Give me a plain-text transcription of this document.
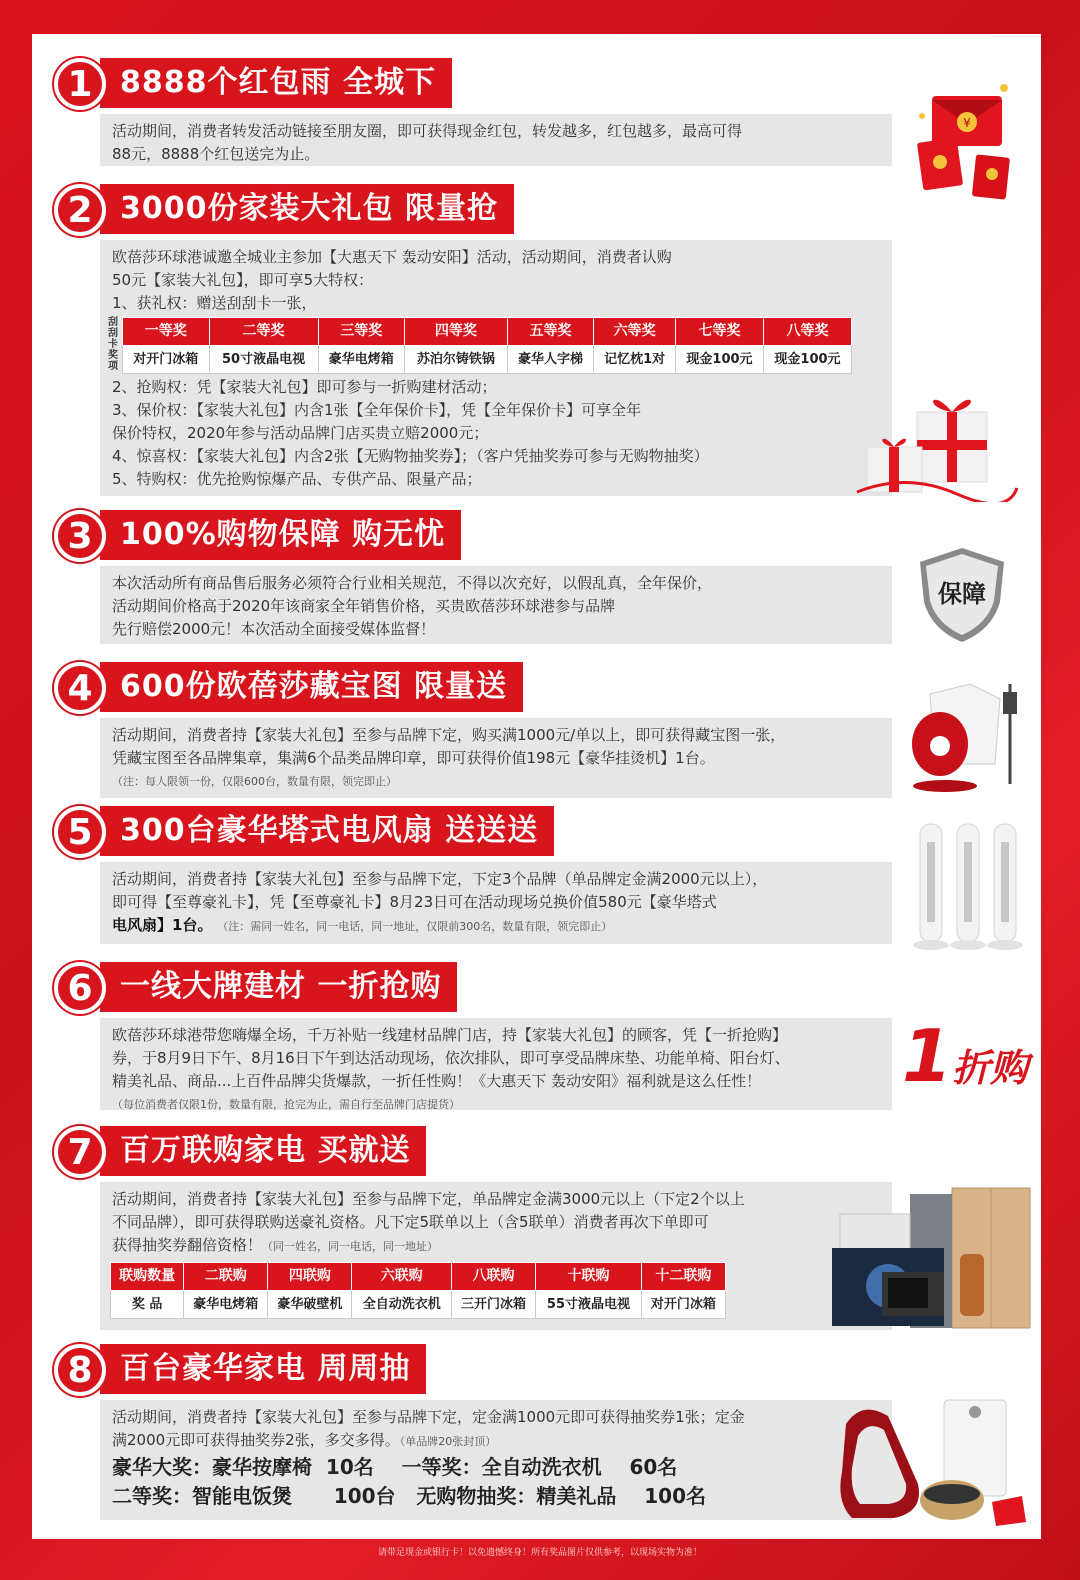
1 8888个红包雨 全城下
活动期间，消费者转发活动链接至朋友圈，即可获得现金红包，转发越多，红包越多，最高可得
88元，8888个红包送完为止。
¥
2 3000份家装大礼包 限量抢
欧蓓莎环球港诚邀全城业主参加【大惠天下 轰动安阳】活动，活动期间，消费者认购
50元【家装大礼包】，即可享5大特权：
1、获礼权：赠送刮刮卡一张，
刮刮卡奖项
一等奖	二等奖	三等奖	四等奖	五等奖	六等奖	七等奖	八等奖
对开门冰箱	50寸液晶电视	豪华电烤箱	苏泊尔铸铁锅	豪华人字梯	记忆枕1对	现金100元	现金100元
2、抢购权：凭【家装大礼包】即可参与一折购建材活动；
3、保价权：【家装大礼包】内含1张【全年保价卡】，凭【全年保价卡】可享全年
保价特权，2020年参与活动品牌门店买贵立赔2000元；
4、惊喜权：【家装大礼包】内含2张【无购物抽奖券】；（客户凭抽奖券可参与无购物抽奖）
5、特购权：优先抢购惊爆产品、专供产品、限量产品；
3 100%购物保障 购无忧
本次活动所有商品售后服务必须符合行业相关规范，不得以次充好，以假乱真，全年保价，
活动期间价格高于2020年该商家全年销售价格，买贵欧蓓莎环球港参与品牌
先行赔偿2000元！本次活动全面接受媒体监督！
保障
4 600份欧蓓莎藏宝图 限量送
活动期间，消费者持【家装大礼包】至参与品牌下定，购买满1000元/单以上，即可获得藏宝图一张，
凭藏宝图至各品牌集章，集满6个品类品牌印章，即可获得价值198元【豪华挂烫机】1台。
（注：每人限领一份，仅限600台，数量有限，领完即止）
5 300台豪华塔式电风扇 送送送
活动期间，消费者持【家装大礼包】至参与品牌下定，下定3个品牌（单品牌定金满2000元以上），
即可得【至尊豪礼卡】，凭【至尊豪礼卡】8月23日可在活动现场兑换价值580元【豪华塔式
电风扇】1台。 （注：需同一姓名，同一电话，同一地址，仅限前300名，数量有限，领完即止）
6 一线大牌建材 一折抢购
欧蓓莎环球港带您嗨爆全场，千万补贴一线建材品牌门店，持【家装大礼包】的顾客，凭【一折抢购】
券，于8月9日下午、8月16日下午到达活动现场，依次排队，即可享受品牌床垫、功能单椅、阳台灯、
精美礼品、商品...上百件品牌尖货爆款，一折任性购！《大惠天下 轰动安阳》福利就是这么任性！
（每位消费者仅限1份，数量有限，抢完为止，需自行至品牌门店提货）
1折购
7 百万联购家电 买就送
活动期间，消费者持【家装大礼包】至参与品牌下定，单品牌定金满3000元以上（下定2个以上
不同品牌），即可获得联购送豪礼资格。凡下定5联单以上（含5联单）消费者再次下单即可
获得抽奖券翻倍资格！（同一姓名，同一电话，同一地址）
联购数量	二联购	四联购	六联购	八联购	十联购	十二联购
奖 品	豪华电烤箱	豪华破壁机	全自动洗衣机	三开门冰箱	55寸液晶电视	对开门冰箱
8 百台豪华家电 周周抽
活动期间，消费者持【家装大礼包】至参与品牌下定，定金满1000元即可获得抽奖券1张；定金
满2000元即可获得抽奖券2张，多交多得。（单品牌20张封顶）
豪华大奖：豪华按摩椅  10名    一等奖：全自动洗衣机    60名
二等奖：智能电饭煲      100台   无购物抽奖：精美礼品    100名
请带足现金或银行卡！以免遗憾终身！所有奖品图片仅供参考，以现场实物为准！
